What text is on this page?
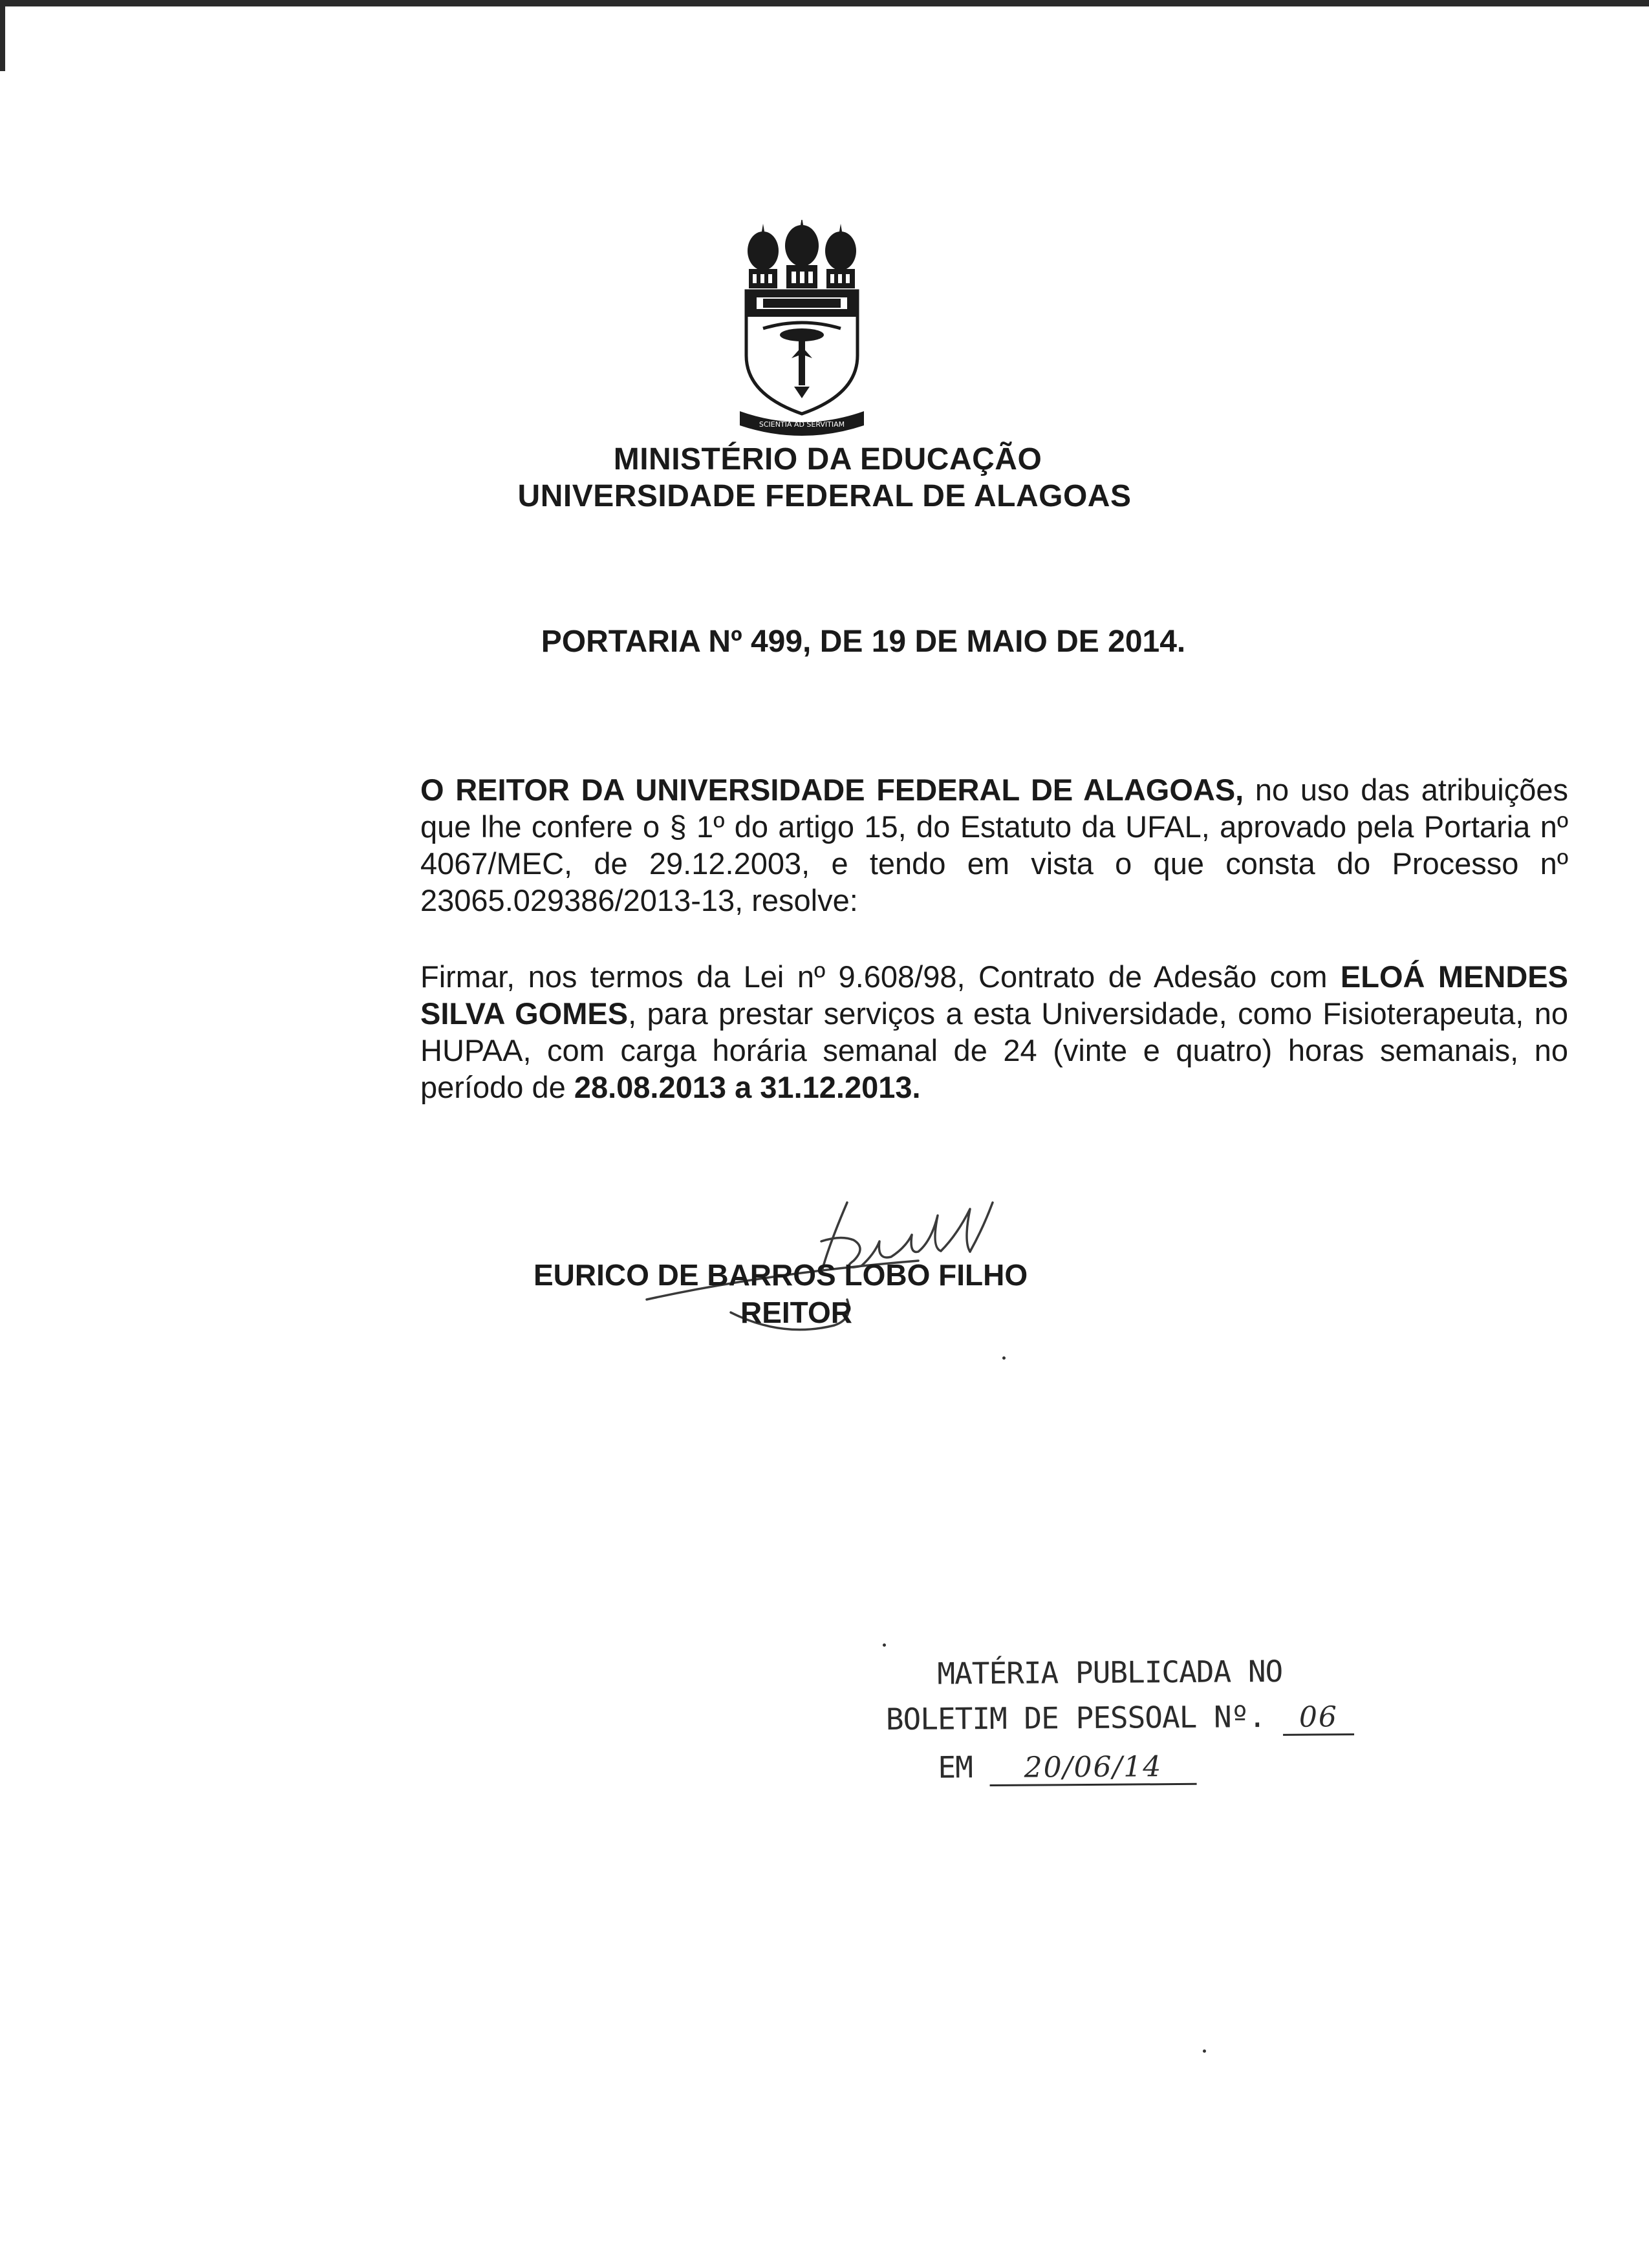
SCIENTIA AD SERVITIAM
MINISTÉRIO DA EDUCAÇÃO
UNIVERSIDADE FEDERAL DE ALAGOAS
PORTARIA Nº 499, DE 19 DE MAIO DE 2014.

O REITOR DA UNIVERSIDADE FEDERAL DE ALAGOAS, no uso das atribuições que lhe confere o § 1º do artigo 15, do Estatuto da UFAL, aprovado pela Portaria nº 4067/MEC, de 29.12.2003, e tendo em vista o que consta do Processo nº 23065.029386/2013-13, resolve:

Firmar, nos termos da Lei nº 9.608/98, Contrato de Adesão com ELOÁ MENDES SILVA GOMES, para prestar serviços a esta Universidade, como Fisioterapeuta, no HUPAA, com carga horária semanal de 24 (vinte e quatro) horas semanais, no período de 28.08.2013 a 31.12.2013.

EURICO DE BARROS LOBO FILHO
REITOR
MATÉRIA PUBLICADA NO
BOLETIM DE PESSOAL Nº. 06
EM 20/06/14
